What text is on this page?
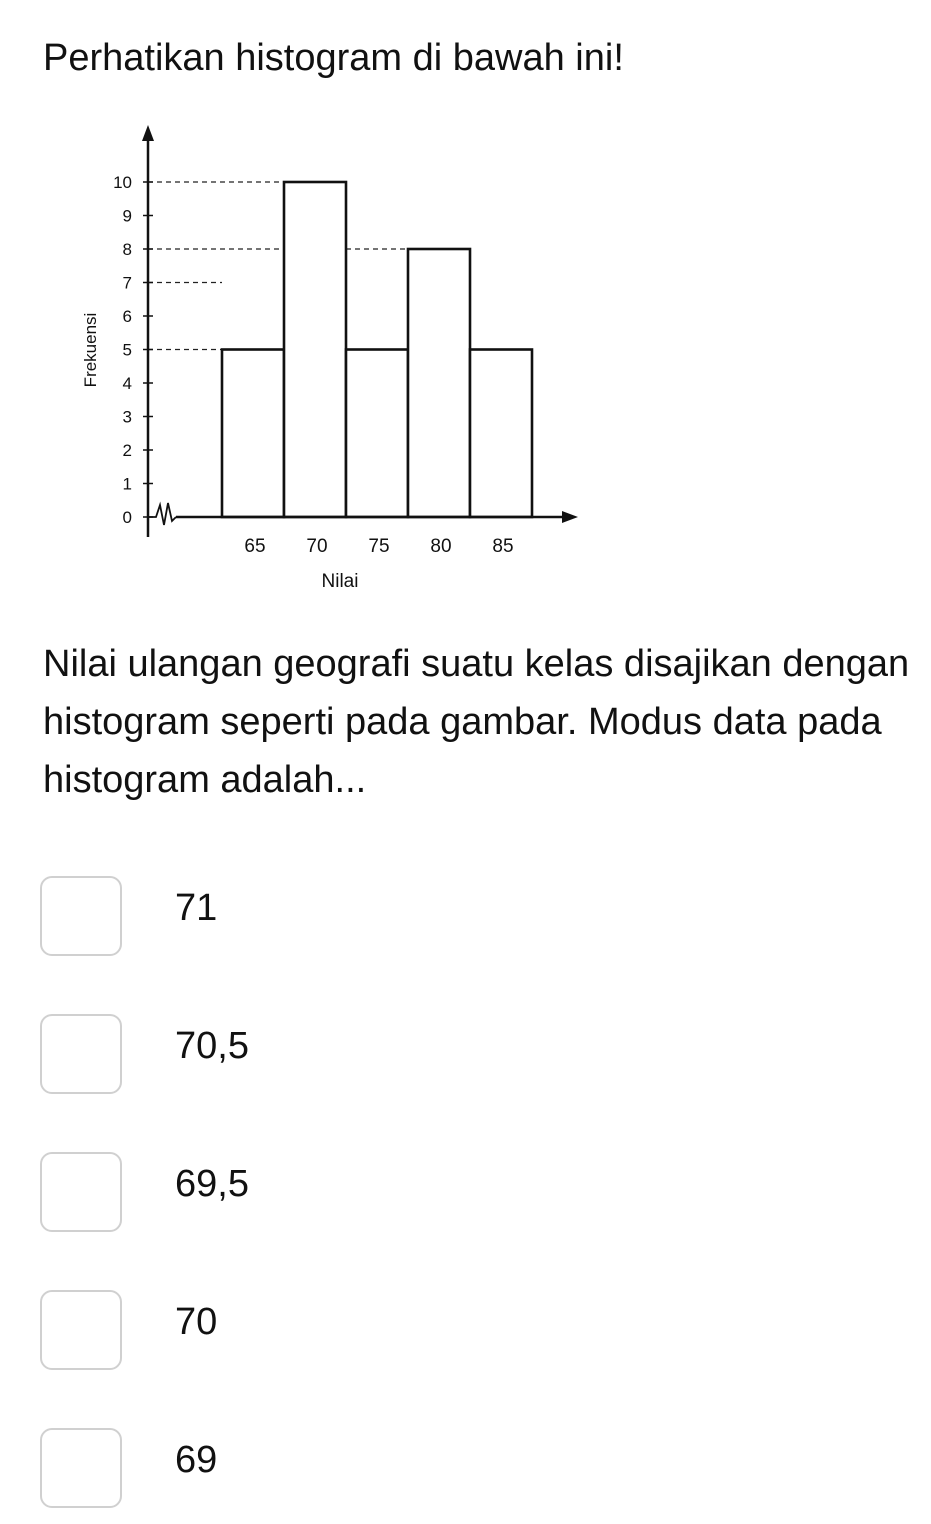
Perhatikan histogram di bawah ini!
0
1
2
3
4
5
6
7
8
9
10
65 70 75 80 85
Nilai
Frekuensi

Nilai ulangan geografi suatu kelas disajikan dengan histogram seperti pada gambar. Modus data pada histogram adalah...

71
70,5
69,5
70
69
